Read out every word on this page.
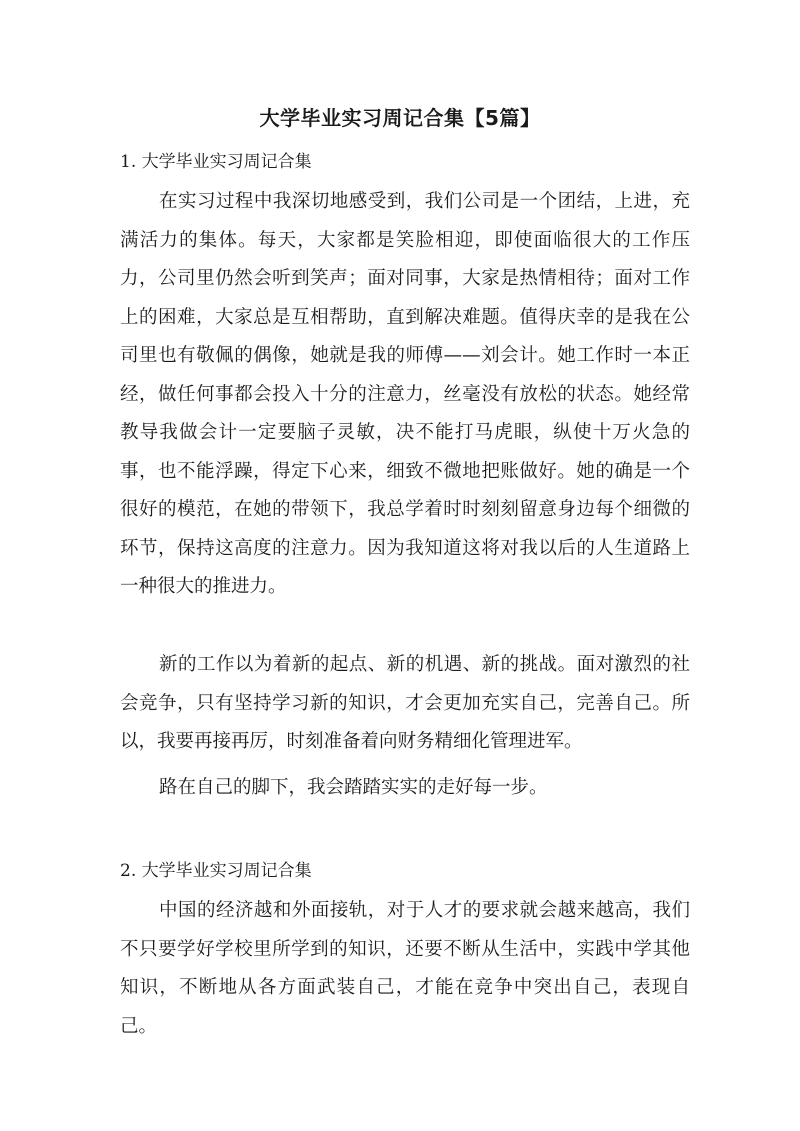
大学毕业实习周记合集【5篇】
1. 大学毕业实习周记合集

在实习过程中我深切地感受到，我们公司是一个团结，上进，充满活力的集体。每天，大家都是笑脸相迎，即使面临很大的工作压力，公司里仍然会听到笑声；面对同事，大家是热情相待；面对工作上的困难，大家总是互相帮助，直到解决难题。值得庆幸的是我在公司里也有敬佩的偶像，她就是我的师傅——刘会计。她工作时一本正经，做任何事都会投入十分的注意力，丝毫没有放松的状态。她经常教导我做会计一定要脑子灵敏，决不能打马虎眼，纵使十万火急的事，也不能浮躁，得定下心来，细致不微地把账做好。她的确是一个很好的模范，在她的带领下，我总学着时时刻刻留意身边每个细微的环节，保持这高度的注意力。因为我知道这将对我以后的人生道路上一种很大的推进力。

新的工作以为着新的起点、新的机遇、新的挑战。面对激烈的社会竞争，只有坚持学习新的知识，才会更加充实自己，完善自己。所以，我要再接再厉，时刻准备着向财务精细化管理进军。

路在自己的脚下，我会踏踏实实的走好每一步。

2. 大学毕业实习周记合集

中国的经济越和外面接轨，对于人才的要求就会越来越高，我们不只要学好学校里所学到的知识，还要不断从生活中，实践中学其他知识，不断地从各方面武装自己，才能在竞争中突出自己，表现自己。
